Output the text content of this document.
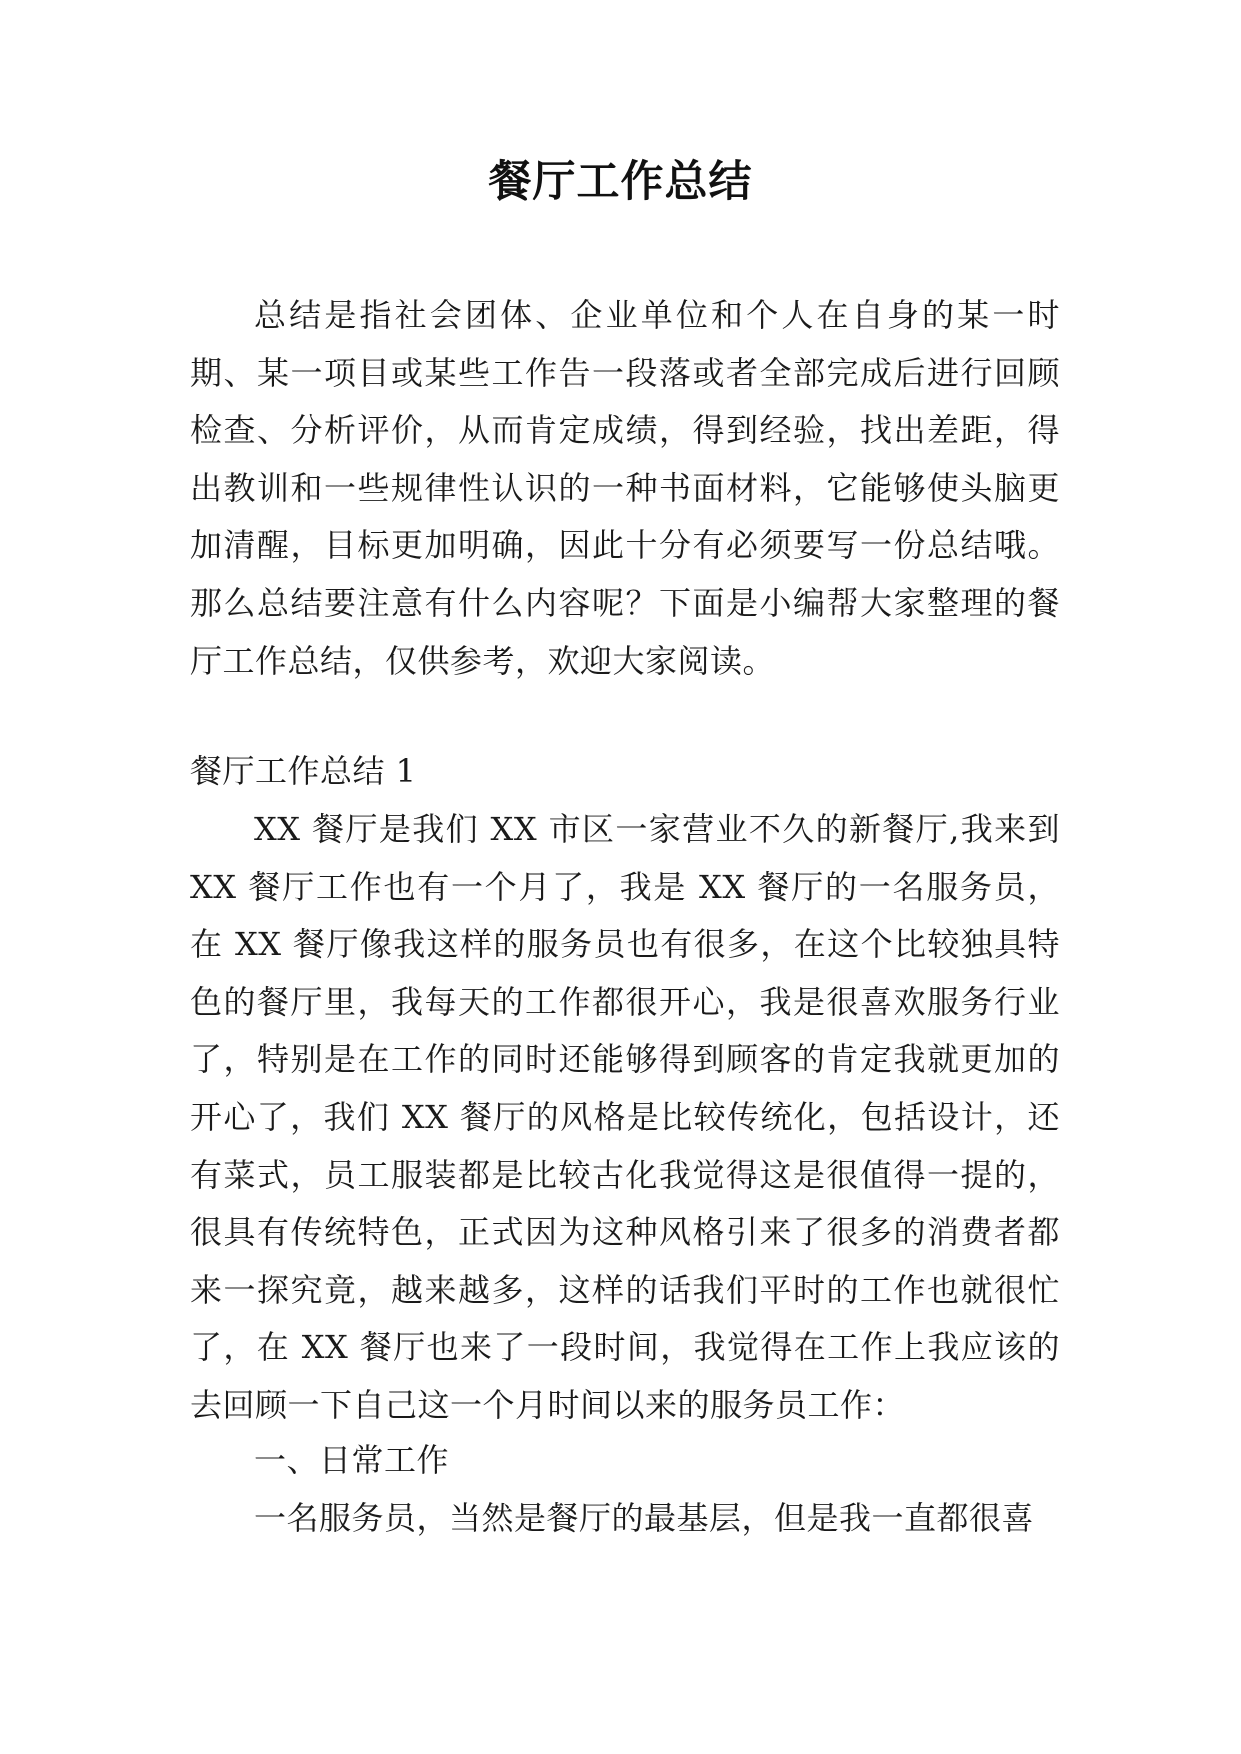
餐厅工作总结

总结是指社会团体、企业单位和个人在自身的某一时期、某一项目或某些工作告一段落或者全部完成后进行回顾检查、分析评价，从而肯定成绩，得到经验，找出差距，得出教训和一些规律性认识的一种书面材料，它能够使头脑更加清醒，目标更加明确，因此十分有必须要写一份总结哦。那么总结要注意有什么内容呢？下面是小编帮大家整理的餐厅工作总结，仅供参考，欢迎大家阅读。

餐厅工作总结 1

XX 餐厅是我们 XX 市区一家营业不久的新餐厅,我来到 XX 餐厅工作也有一个月了，我是 XX 餐厅的一名服务员，在 XX 餐厅像我这样的服务员也有很多，在这个比较独具特色的餐厅里，我每天的工作都很开心，我是很喜欢服务行业了，特别是在工作的同时还能够得到顾客的肯定我就更加的开心了，我们 XX 餐厅的风格是比较传统化，包括设计，还有菜式，员工服装都是比较古化我觉得这是很值得一提的，很具有传统特色，正式因为这种风格引来了很多的消费者都来一探究竟，越来越多，这样的话我们平时的工作也就很忙了，在 XX 餐厅也来了一段时间，我觉得在工作上我应该的去回顾一下自己这一个月时间以来的服务员工作：

一、日常工作

一名服务员，当然是餐厅的最基层，但是我一直都很喜
